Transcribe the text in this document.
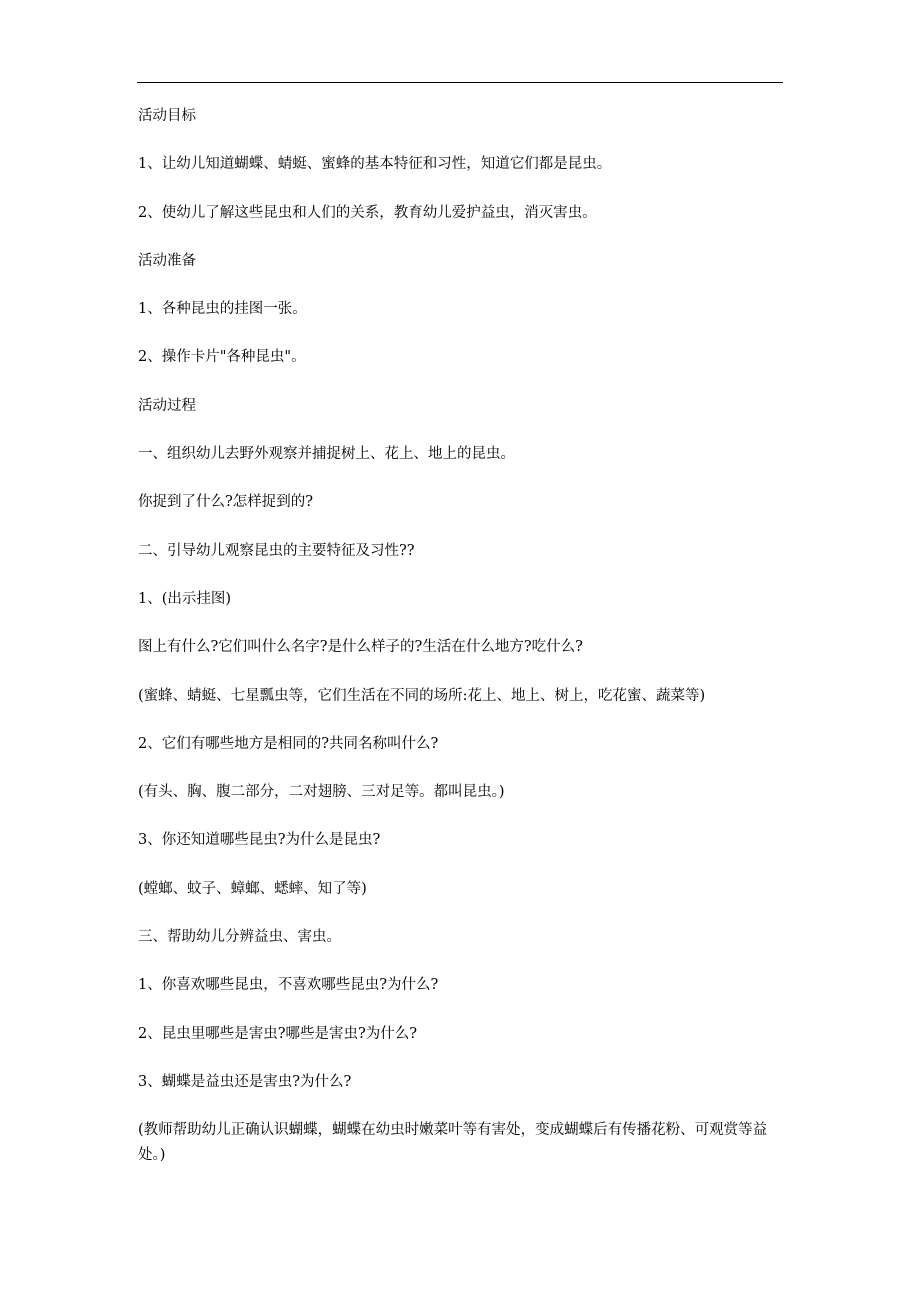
活动目标

1、让幼儿知道蝴蝶、蜻蜓、蜜蜂的基本特征和习性，知道它们都是昆虫。

2、使幼儿了解这些昆虫和人们的关系，教育幼儿爱护益虫，消灭害虫。

活动准备

1、各种昆虫的挂图一张。

2、操作卡片"各种昆虫"。

活动过程

一、组织幼儿去野外观察并捕捉树上、花上、地上的昆虫。

你捉到了什么?怎样捉到的?

二、引导幼儿观察昆虫的主要特征及习性??

1、(出示挂图)

图上有什么?它们叫什么名字?是什么样子的?生活在什么地方?吃什么?

(蜜蜂、蜻蜓、七星瓢虫等，它们生活在不同的场所:花上、地上、树上，吃花蜜、蔬菜等)

2、它们有哪些地方是相同的?共同名称叫什么?

(有头、胸、腹二部分，二对翅膀、三对足等。都叫昆虫。)

3、你还知道哪些昆虫?为什么是昆虫?

(螳螂、蚊子、蟑螂、蟋蟀、知了等)

三、帮助幼儿分辨益虫、害虫。

1、你喜欢哪些昆虫，不喜欢哪些昆虫?为什么?

2、昆虫里哪些是害虫?哪些是害虫?为什么?

3、蝴蝶是益虫还是害虫?为什么?

(教师帮助幼儿正确认识蝴蝶，蝴蝶在幼虫时嫩菜叶等有害处，变成蝴蝶后有传播花粉、可观赏等益处。)
